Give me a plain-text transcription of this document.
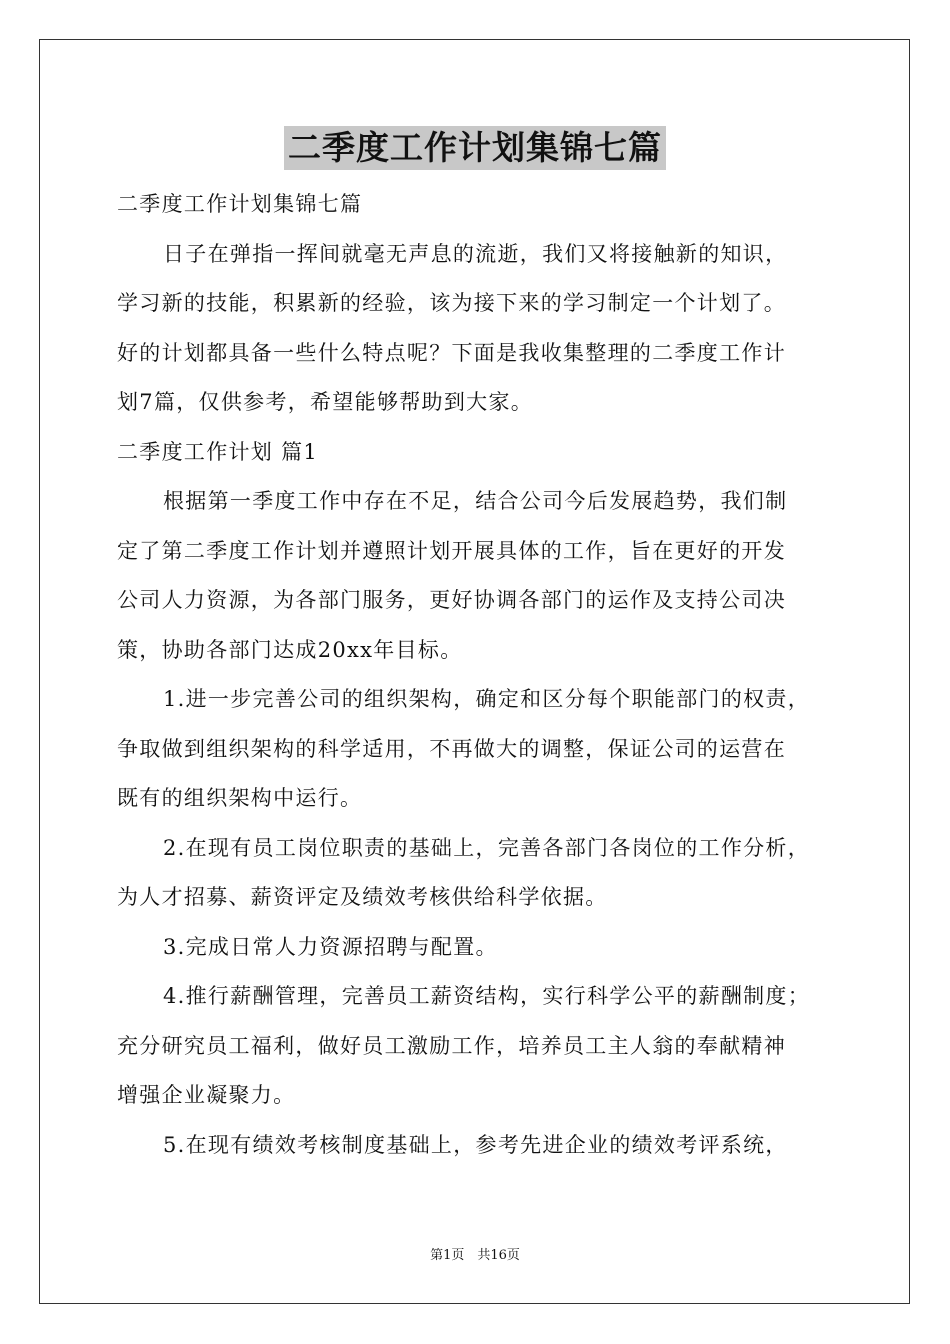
二季度工作计划集锦七篇

二季度工作计划集锦七篇

日子在弹指一挥间就毫无声息的流逝，我们又将接触新的知识，

学习新的技能，积累新的经验，该为接下来的学习制定一个计划了。

好的计划都具备一些什么特点呢？下面是我收集整理的二季度工作计

划7篇，仅供参考，希望能够帮助到大家。

二季度工作计划 篇1

根据第一季度工作中存在不足，结合公司今后发展趋势，我们制

定了第二季度工作计划并遵照计划开展具体的工作，旨在更好的开发

公司人力资源，为各部门服务，更好协调各部门的运作及支持公司决

策，协助各部门达成20xx年目标。

1.进一步完善公司的组织架构，确定和区分每个职能部门的权责，

争取做到组织架构的科学适用，不再做大的调整，保证公司的运营在

既有的组织架构中运行。

2.在现有员工岗位职责的基础上，完善各部门各岗位的工作分析，

为人才招募、薪资评定及绩效考核供给科学依据。

3.完成日常人力资源招聘与配置。

4.推行薪酬管理，完善员工薪资结构，实行科学公平的薪酬制度；

充分研究员工福利，做好员工激励工作，培养员工主人翁的奉献精神

增强企业凝聚力。

5.在现有绩效考核制度基础上，参考先进企业的绩效考评系统，

第1页　共16页
